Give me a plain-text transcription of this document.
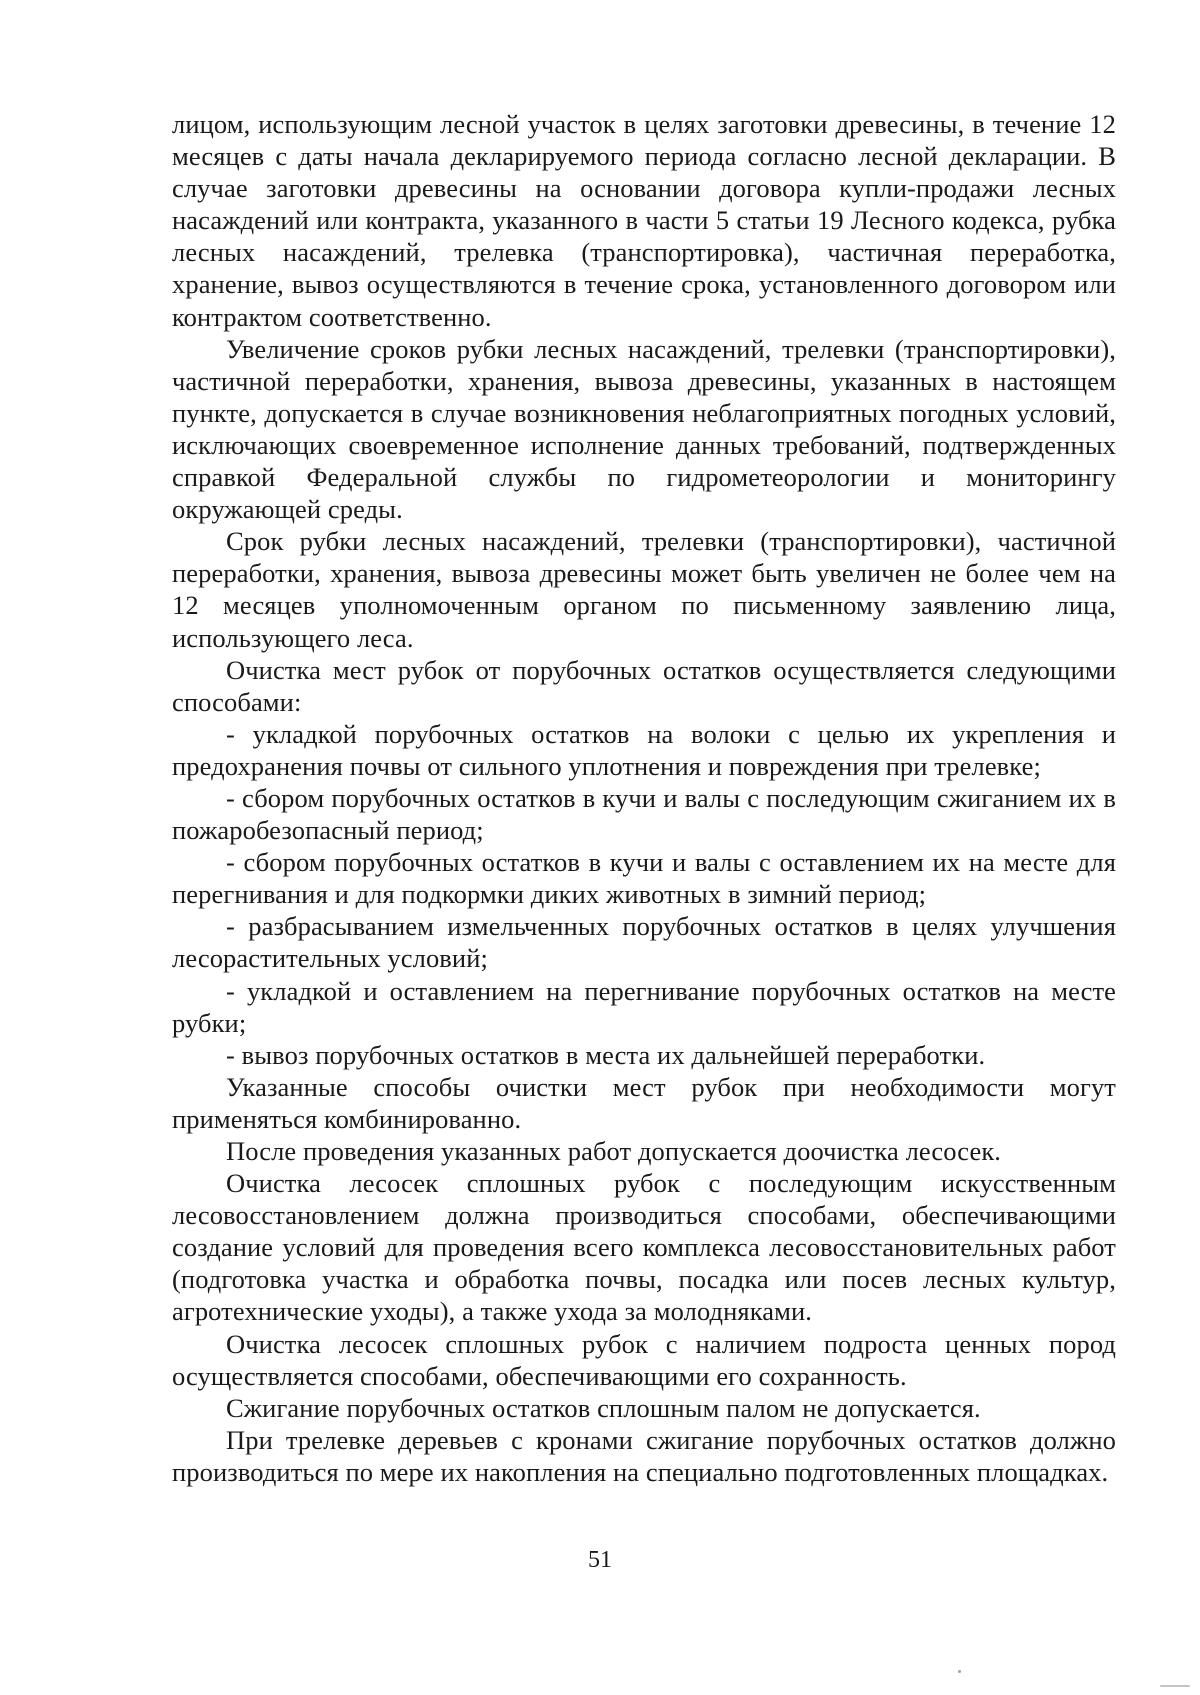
лицом, использующим лесной участок в целях заготовки древесины, в течение 12 месяцев с даты начала декларируемого периода согласно лесной декларации. В случае заготовки древесины на основании договора купли-продажи лесных насаждений или контракта, указанного в части 5 статьи 19 Лесного кодекса, рубка лесных насаждений, трелевка (транспортировка), частичная переработка, хранение, вывоз осуществляются в течение срока, установленного договором или контрактом соответственно.

Увеличение сроков рубки лесных насаждений, трелевки (транспортировки), частичной переработки, хранения, вывоза древесины, указанных в настоящем пункте, допускается в случае возникновения неблагоприятных погодных условий, исключающих своевременное исполнение данных требований, подтвержденных справкой Федеральной службы по гидрометеорологии и мониторингу окружающей среды.

Срок рубки лесных насаждений, трелевки (транспортировки), частичной переработки, хранения, вывоза древесины может быть увеличен не более чем на 12 месяцев уполномоченным органом по письменному заявлению лица, использующего леса.

Очистка мест рубок от порубочных остатков осуществляется следующими способами:

- укладкой порубочных остатков на волоки с целью их укрепления и предохранения почвы от сильного уплотнения и повреждения при трелевке;

- сбором порубочных остатков в кучи и валы с последующим сжиганием их в пожаробезопасный период;

- сбором порубочных остатков в кучи и валы с оставлением их на месте для перегнивания и для подкормки диких животных в зимний период;

- разбрасыванием измельченных порубочных остатков в целях улучшения лесорастительных условий;

- укладкой и оставлением на перегнивание порубочных остатков на месте рубки;

- вывоз порубочных остатков в места их дальнейшей переработки.

Указанные способы очистки мест рубок при необходимости могут применяться комбинированно.

После проведения указанных работ допускается доочистка лесосек.

Очистка лесосек сплошных рубок с последующим искусственным лесовосстановлением должна производиться способами, обеспечивающими создание условий для проведения всего комплекса лесовосстановительных работ (подготовка участка и обработка почвы, посадка или посев лесных культур, агротехнические уходы), а также ухода за молодняками.

Очистка лесосек сплошных рубок с наличием подроста ценных пород осуществляется способами, обеспечивающими его сохранность.

Сжигание порубочных остатков сплошным палом не допускается.

При трелевке деревьев с кронами сжигание порубочных остатков должно производиться по мере их накопления на специально подготовленных площадках.

51
